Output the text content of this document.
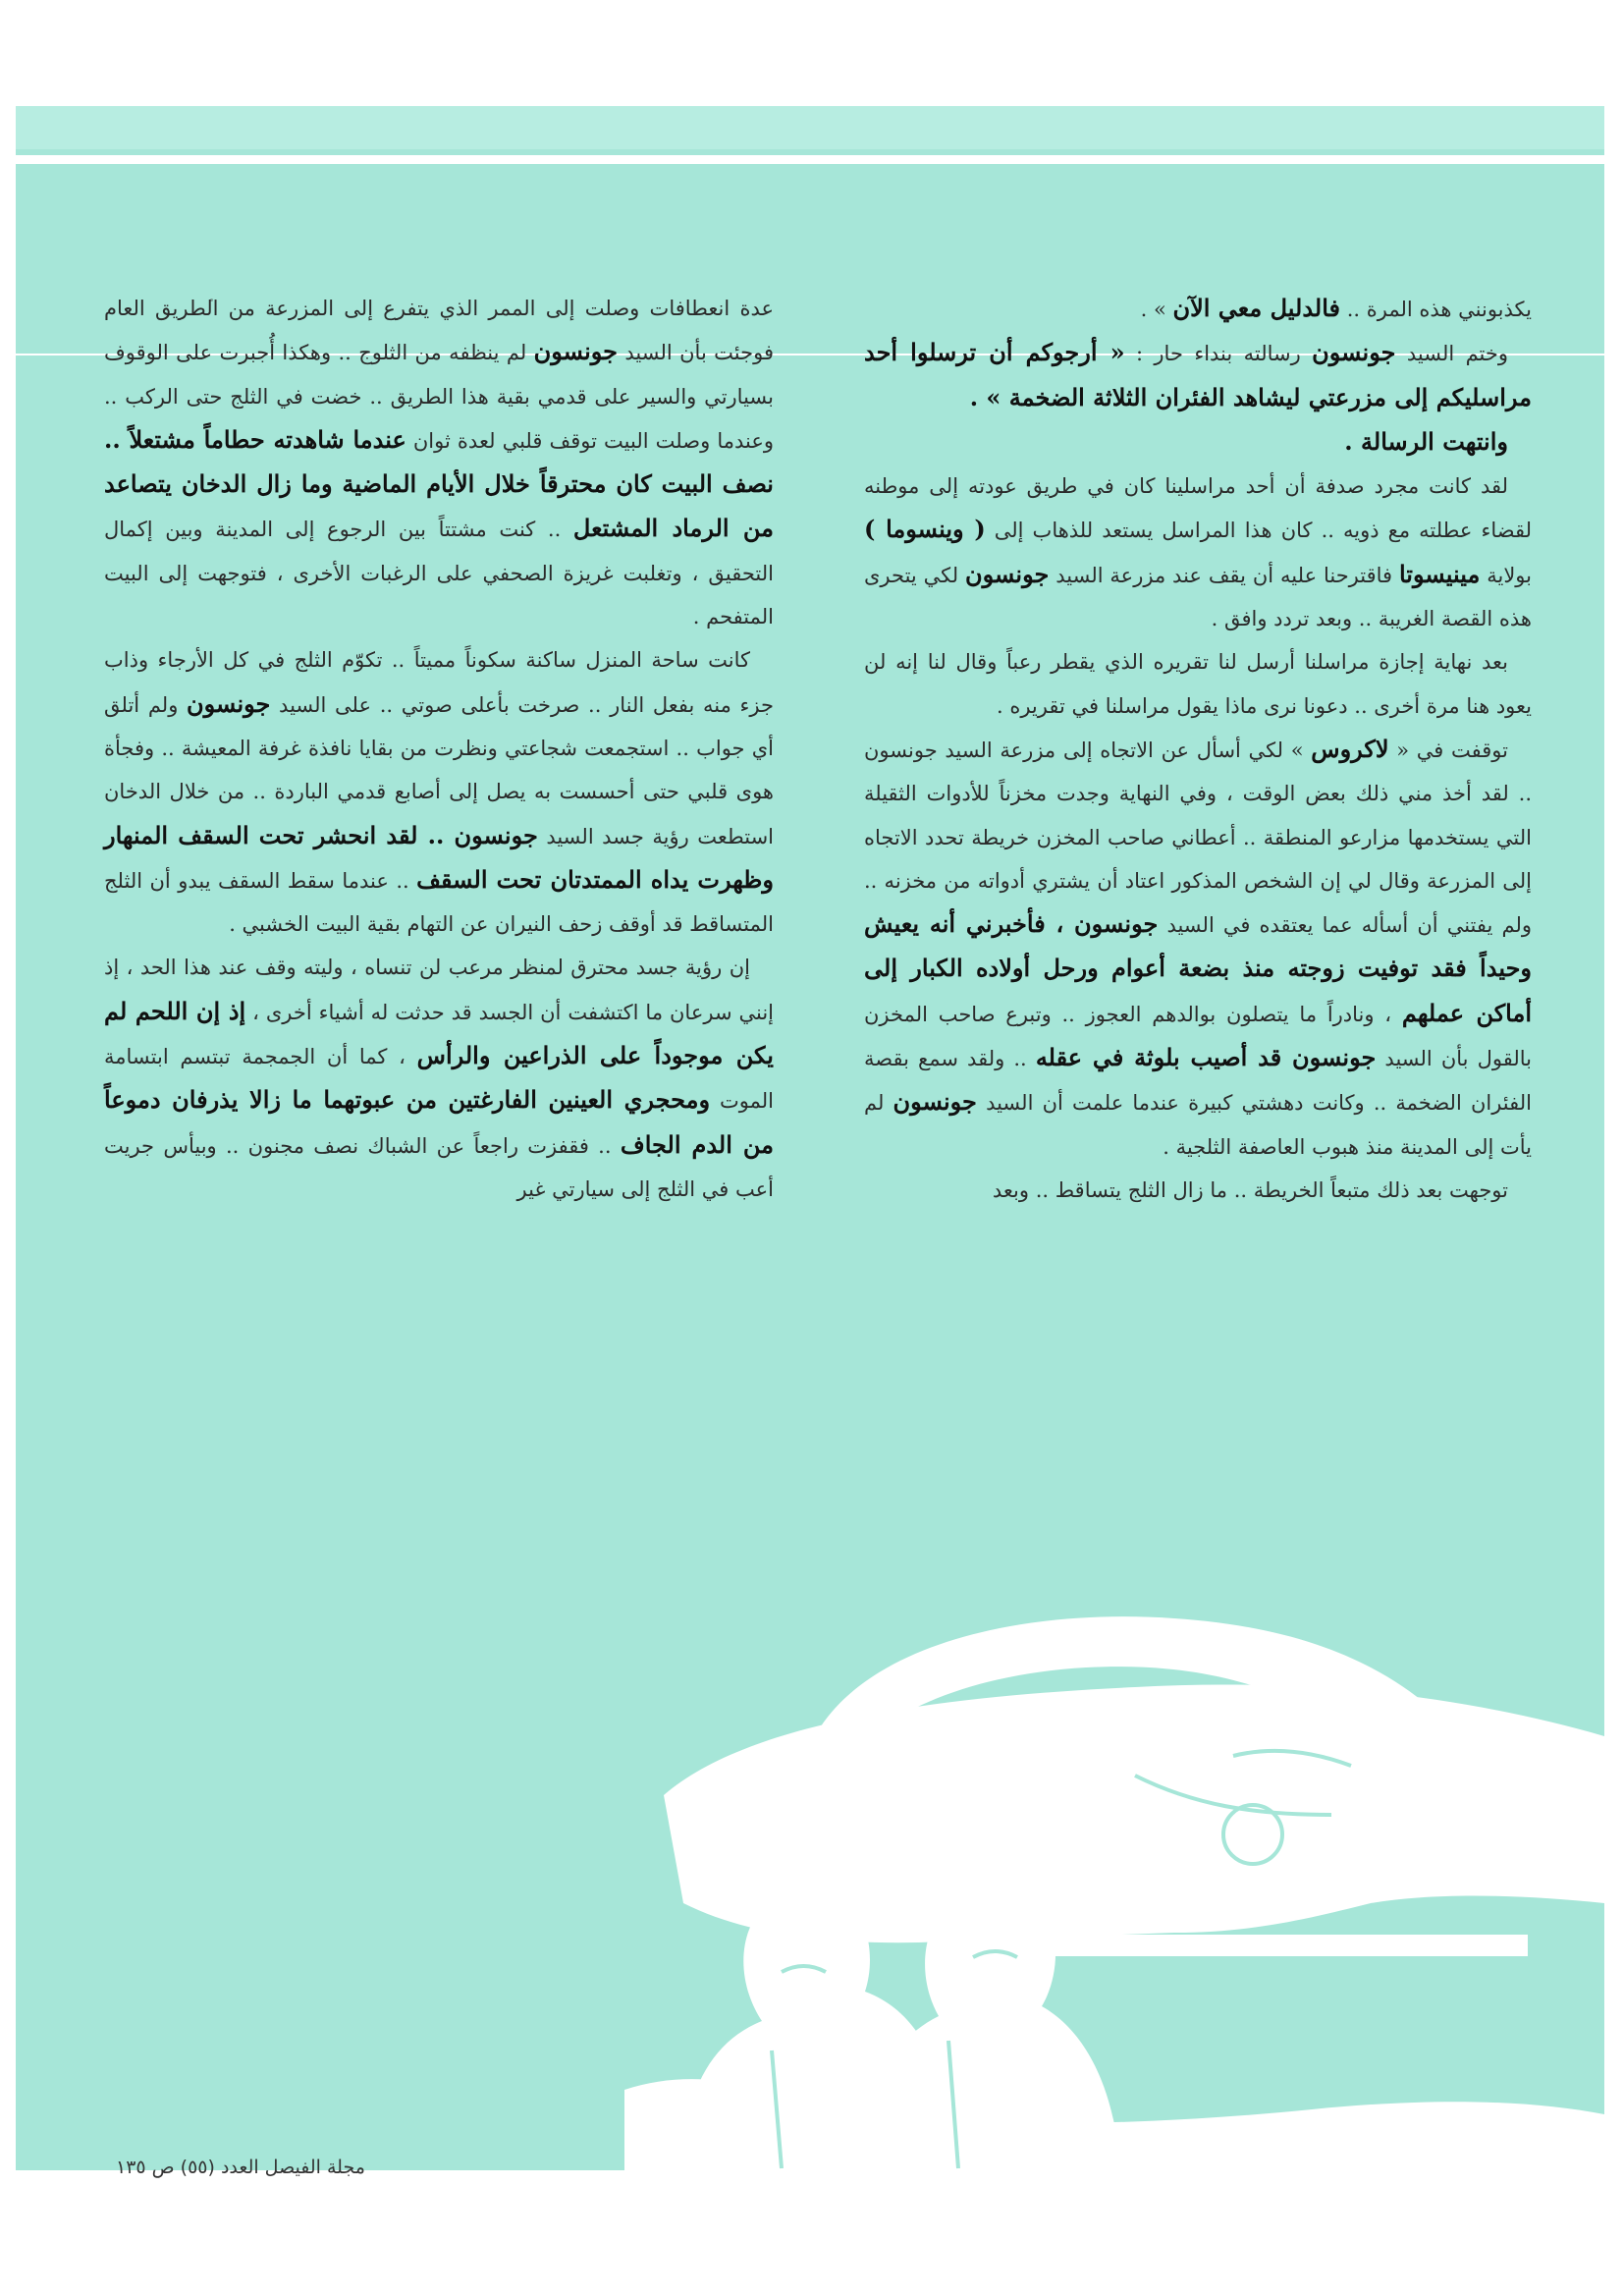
يكذبونني هذه المرة .. فالدليل معي الآن » .

وختم السيد جونسون رسالته بنداء حار : « أرجوكم أن ترسلوا أحد مراسليكم إلى مزرعتي ليشاهد الفئران الثلاثة الضخمة » .

وانتهت الرسالة .

لقد كانت مجرد صدفة أن أحد مراسلينا كان في طريق عودته إلى موطنه لقضاء عطلته مع ذويه .. كان هذا المراسل يستعد للذهاب إلى ( وينسوما ) بولاية مينيسوتا فاقترحنا عليه أن يقف عند مزرعة السيد جونسون لكي يتحرى هذه القصة الغريبة .. وبعد تردد وافق .

بعد نهاية إجازة مراسلنا أرسل لنا تقريره الذي يقطر رعباً وقال لنا إنه لن يعود هنا مرة أخرى .. دعونا نرى ماذا يقول مراسلنا في تقريره .

توقفت في « لاكروس » لكي أسأل عن الاتجاه إلى مزرعة السيد جونسون .. لقد أخذ مني ذلك بعض الوقت ، وفي النهاية وجدت مخزناً للأدوات الثقيلة التي يستخدمها مزارعو المنطقة .. أعطاني صاحب المخزن خريطة تحدد الاتجاه إلى المزرعة وقال لي إن الشخص المذكور اعتاد أن يشتري أدواته من مخزنه .. ولم يفتني أن أسأله عما يعتقده في السيد جونسون ، فأخبرني أنه يعيش وحيداً فقد توفيت زوجته منذ بضعة أعوام ورحل أولاده الكبار إلى أماكن عملهم ، ونادراً ما يتصلون بوالدهم العجوز .. وتبرع صاحب المخزن بالقول بأن السيد جونسون قد أصيب بلوثة في عقله .. ولقد سمع بقصة الفئران الضخمة .. وكانت دهشتي كبيرة عندما علمت أن السيد جونسون لم يأت إلى المدينة منذ هبوب العاصفة الثلجية .

توجهت بعد ذلك متبعاً الخريطة .. ما زال الثلج يتساقط .. وبعد

عدة انعطافات وصلت إلى الممر الذي يتفرع إلى المزرعة من الطريق العام فوجئت بأن السيد جونسون لم ينظفه من الثلوج .. وهكذا أُجبرت على الوقوف بسيارتي والسير على قدمي بقية هذا الطريق .. خضت في الثلج حتى الركب .. وعندما وصلت البيت توقف قلبي لعدة ثوان عندما شاهدته حطاماً مشتعلاً .. نصف البيت كان محترقاً خلال الأيام الماضية وما زال الدخان يتصاعد من الرماد المشتعل .. كنت مشتتاً بين الرجوع إلى المدينة وبين إكمال التحقيق ، وتغلبت غريزة الصحفي على الرغبات الأخرى ، فتوجهت إلى البيت المتفحم .

كانت ساحة المنزل ساكنة سكوناً مميتاً .. تكوّم الثلج في كل الأرجاء وذاب جزء منه بفعل النار .. صرخت بأعلى صوتي .. على السيد جونسون ولم أتلق أي جواب .. استجمعت شجاعتي ونظرت من بقايا نافذة غرفة المعيشة .. وفجأة هوى قلبي حتى أحسست به يصل إلى أصابع قدمي الباردة .. من خلال الدخان استطعت رؤية جسد السيد جونسون .. لقد انحشر تحت السقف المنهار وظهرت يداه الممتدتان تحت السقف .. عندما سقط السقف يبدو أن الثلج المتساقط قد أوقف زحف النيران عن التهام بقية البيت الخشبي .

إن رؤية جسد محترق لمنظر مرعب لن تنساه ، وليته وقف عند هذا الحد ، إذ إنني سرعان ما اكتشفت أن الجسد قد حدثت له أشياء أخرى ، إذ إن اللحم لم يكن موجوداً على الذراعين والرأس ، كما أن الجمجمة تبتسم ابتسامة الموت ومحجري العينين الفارغتين من عبوتهما ما زالا يذرفان دموعاً من الدم الجاف .. فقفزت راجعاً عن الشباك نصف مجنون .. وبيأس جريت أعب في الثلج إلى سيارتي غير

مجلة الفيصل العدد (٥٥) ص ١٣٥
